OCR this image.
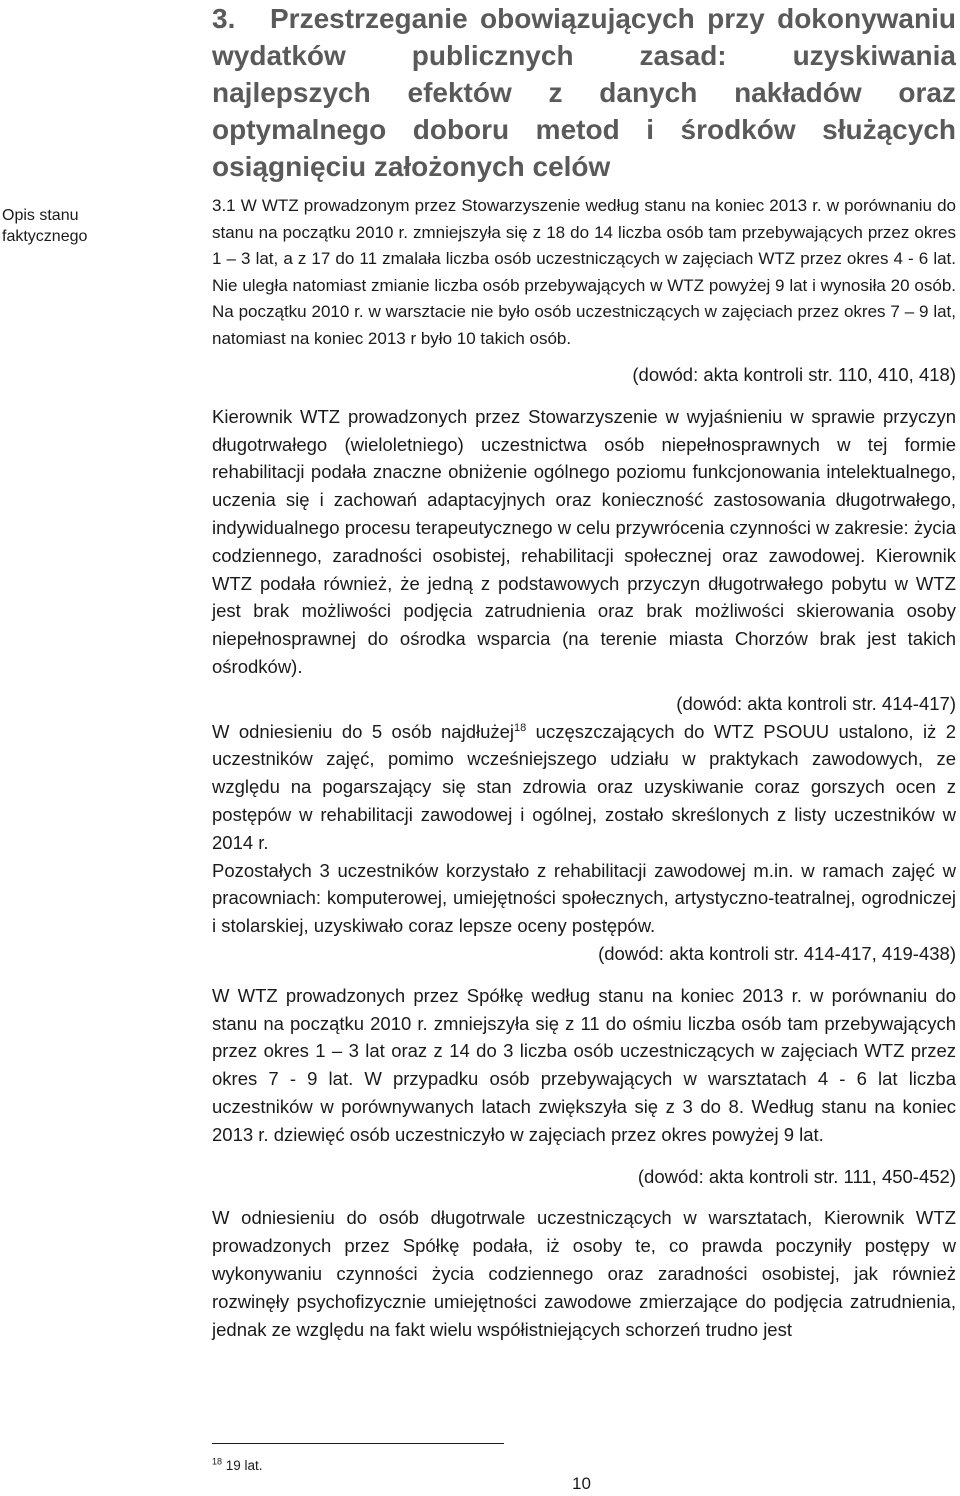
3. Przestrzeganie obowiązujących przy dokonywaniu
wydatków publicznych zasad: uzyskiwania
najlepszych efektów z danych nakładów oraz
optymalnego doboru metod i środków służących
osiągnięciu założonych celów
Opis stanu
faktycznego

3.1 W WTZ prowadzonym przez Stowarzyszenie według stanu na koniec 2013 r. w porównaniu do stanu na początku 2010 r. zmniejszyła się z 18 do 14 liczba osób tam przebywających przez okres 1 – 3 lat, a z 17 do 11 zmalała liczba osób uczestniczących w zajęciach WTZ przez okres 4 - 6 lat. Nie uległa natomiast zmianie liczba osób przebywających w WTZ powyżej 9 lat i wynosiła 20 osób. Na początku 2010 r. w warsztacie nie było osób uczestniczących w zajęciach przez okres 7 – 9 lat, natomiast na koniec 2013 r było 10 takich osób.

(dowód: akta kontroli str. 110, 410, 418)

Kierownik WTZ prowadzonych przez Stowarzyszenie w wyjaśnieniu w sprawie przyczyn długotrwałego (wieloletniego) uczestnictwa osób niepełnosprawnych w tej formie rehabilitacji podała znaczne obniżenie ogólnego poziomu funkcjonowania intelektualnego, uczenia się i zachowań adaptacyjnych oraz konieczność zastosowania długotrwałego, indywidualnego procesu terapeutycznego w celu przywrócenia czynności w zakresie: życia codziennego, zaradności osobistej, rehabilitacji społecznej oraz zawodowej. Kierownik WTZ podała również, że jedną z podstawowych przyczyn długotrwałego pobytu w WTZ jest brak możliwości podjęcia zatrudnienia oraz brak możliwości skierowania osoby niepełnosprawnej do ośrodka wsparcia (na terenie miasta Chorzów brak jest takich ośrodków).

(dowód: akta kontroli str. 414-417)

W odniesieniu do 5 osób najdłużej$^{18}$ uczęszczających do WTZ PSOUU ustalono, iż 2 uczestników zajęć, pomimo wcześniejszego udziału w praktykach zawodowych, ze względu na pogarszający się stan zdrowia oraz uzyskiwanie coraz gorszych ocen z postępów w rehabilitacji zawodowej i ogólnej, zostało skreślonych z listy uczestników w 2014 r.

Pozostałych 3 uczestników korzystało z rehabilitacji zawodowej m.in. w ramach zajęć w pracowniach: komputerowej, umiejętności społecznych, artystyczno-teatralnej, ogrodniczej i stolarskiej, uzyskiwało coraz lepsze oceny postępów.

(dowód: akta kontroli str. 414-417, 419-438)

W WTZ prowadzonych przez Spółkę według stanu na koniec 2013 r. w porównaniu do stanu na początku 2010 r. zmniejszyła się z 11 do ośmiu liczba osób tam przebywających przez okres 1 – 3 lat oraz z 14 do 3 liczba osób uczestniczących w zajęciach WTZ przez okres 7 - 9 lat. W przypadku osób przebywających w warsztatach 4 - 6 lat liczba uczestników w porównywanych latach zwiększyła się z 3 do 8. Według stanu na koniec 2013 r. dziewięć osób uczestniczyło w zajęciach przez okres powyżej 9 lat.

(dowód: akta kontroli str. 111, 450-452)

W odniesieniu do osób długotrwale uczestniczących w warsztatach, Kierownik WTZ prowadzonych przez Spółkę podała, iż osoby te, co prawda poczyniły postępy w wykonywaniu czynności życia codziennego oraz zaradności osobistej, jak również rozwinęły psychofizycznie umiejętności zawodowe zmierzające do podjęcia zatrudnienia, jednak ze względu na fakt wielu współistniejących schorzeń trudno jest

$^{18}$ 19 lat.
10
